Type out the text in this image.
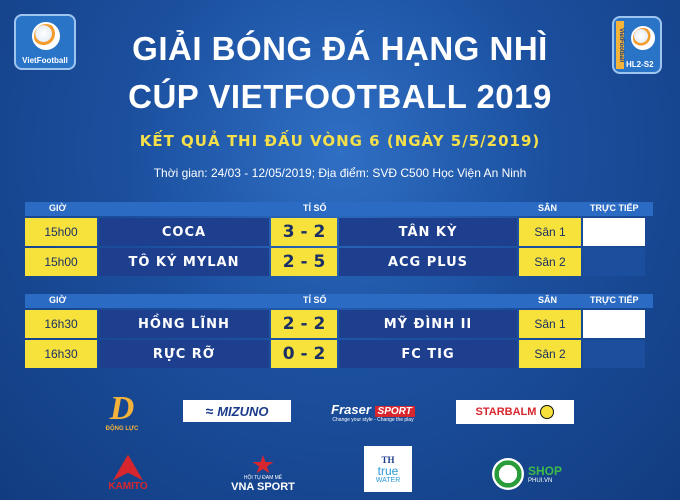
VietFootball	VietFootball
HL2-S2
GIẢI BÓNG ĐÁ HẠNG NHÌ
CÚP VIETFOOTBALL 2019
KẾT QUẢ THI ĐẤU VÒNG 6 (NGÀY 5/5/2019)
Thời gian: 24/03 - 12/05/2019; Địa điểm: SVĐ C500 Học Viện An Ninh
GIỜ	TỈ SỐ	SÂN	TRỰC TIẾP
15h00	COCA	3 - 2	TÂN KỲ	Sân 1
15h00	TÔ KÝ MYLAN	2 - 5	ACG PLUS	Sân 2
GIỜ	TỈ SỐ	SÂN	TRỰC TIẾP
16h30	HỒNG LĨNH	2 - 2	MỸ ĐÌNH II	Sân 1
16h30	RỰC RỠ	0 - 2	FC TIG	Sân 2
D
ĐỘNG LỰC
≈ MIZUNO	Fraser SPORT
Change your style - Change the play
STARBALM
KAMITO
HỘI TỤ ĐAM MÊ
VNA SPORT
TH
true
WATER
SHOP
PHUI.VN
